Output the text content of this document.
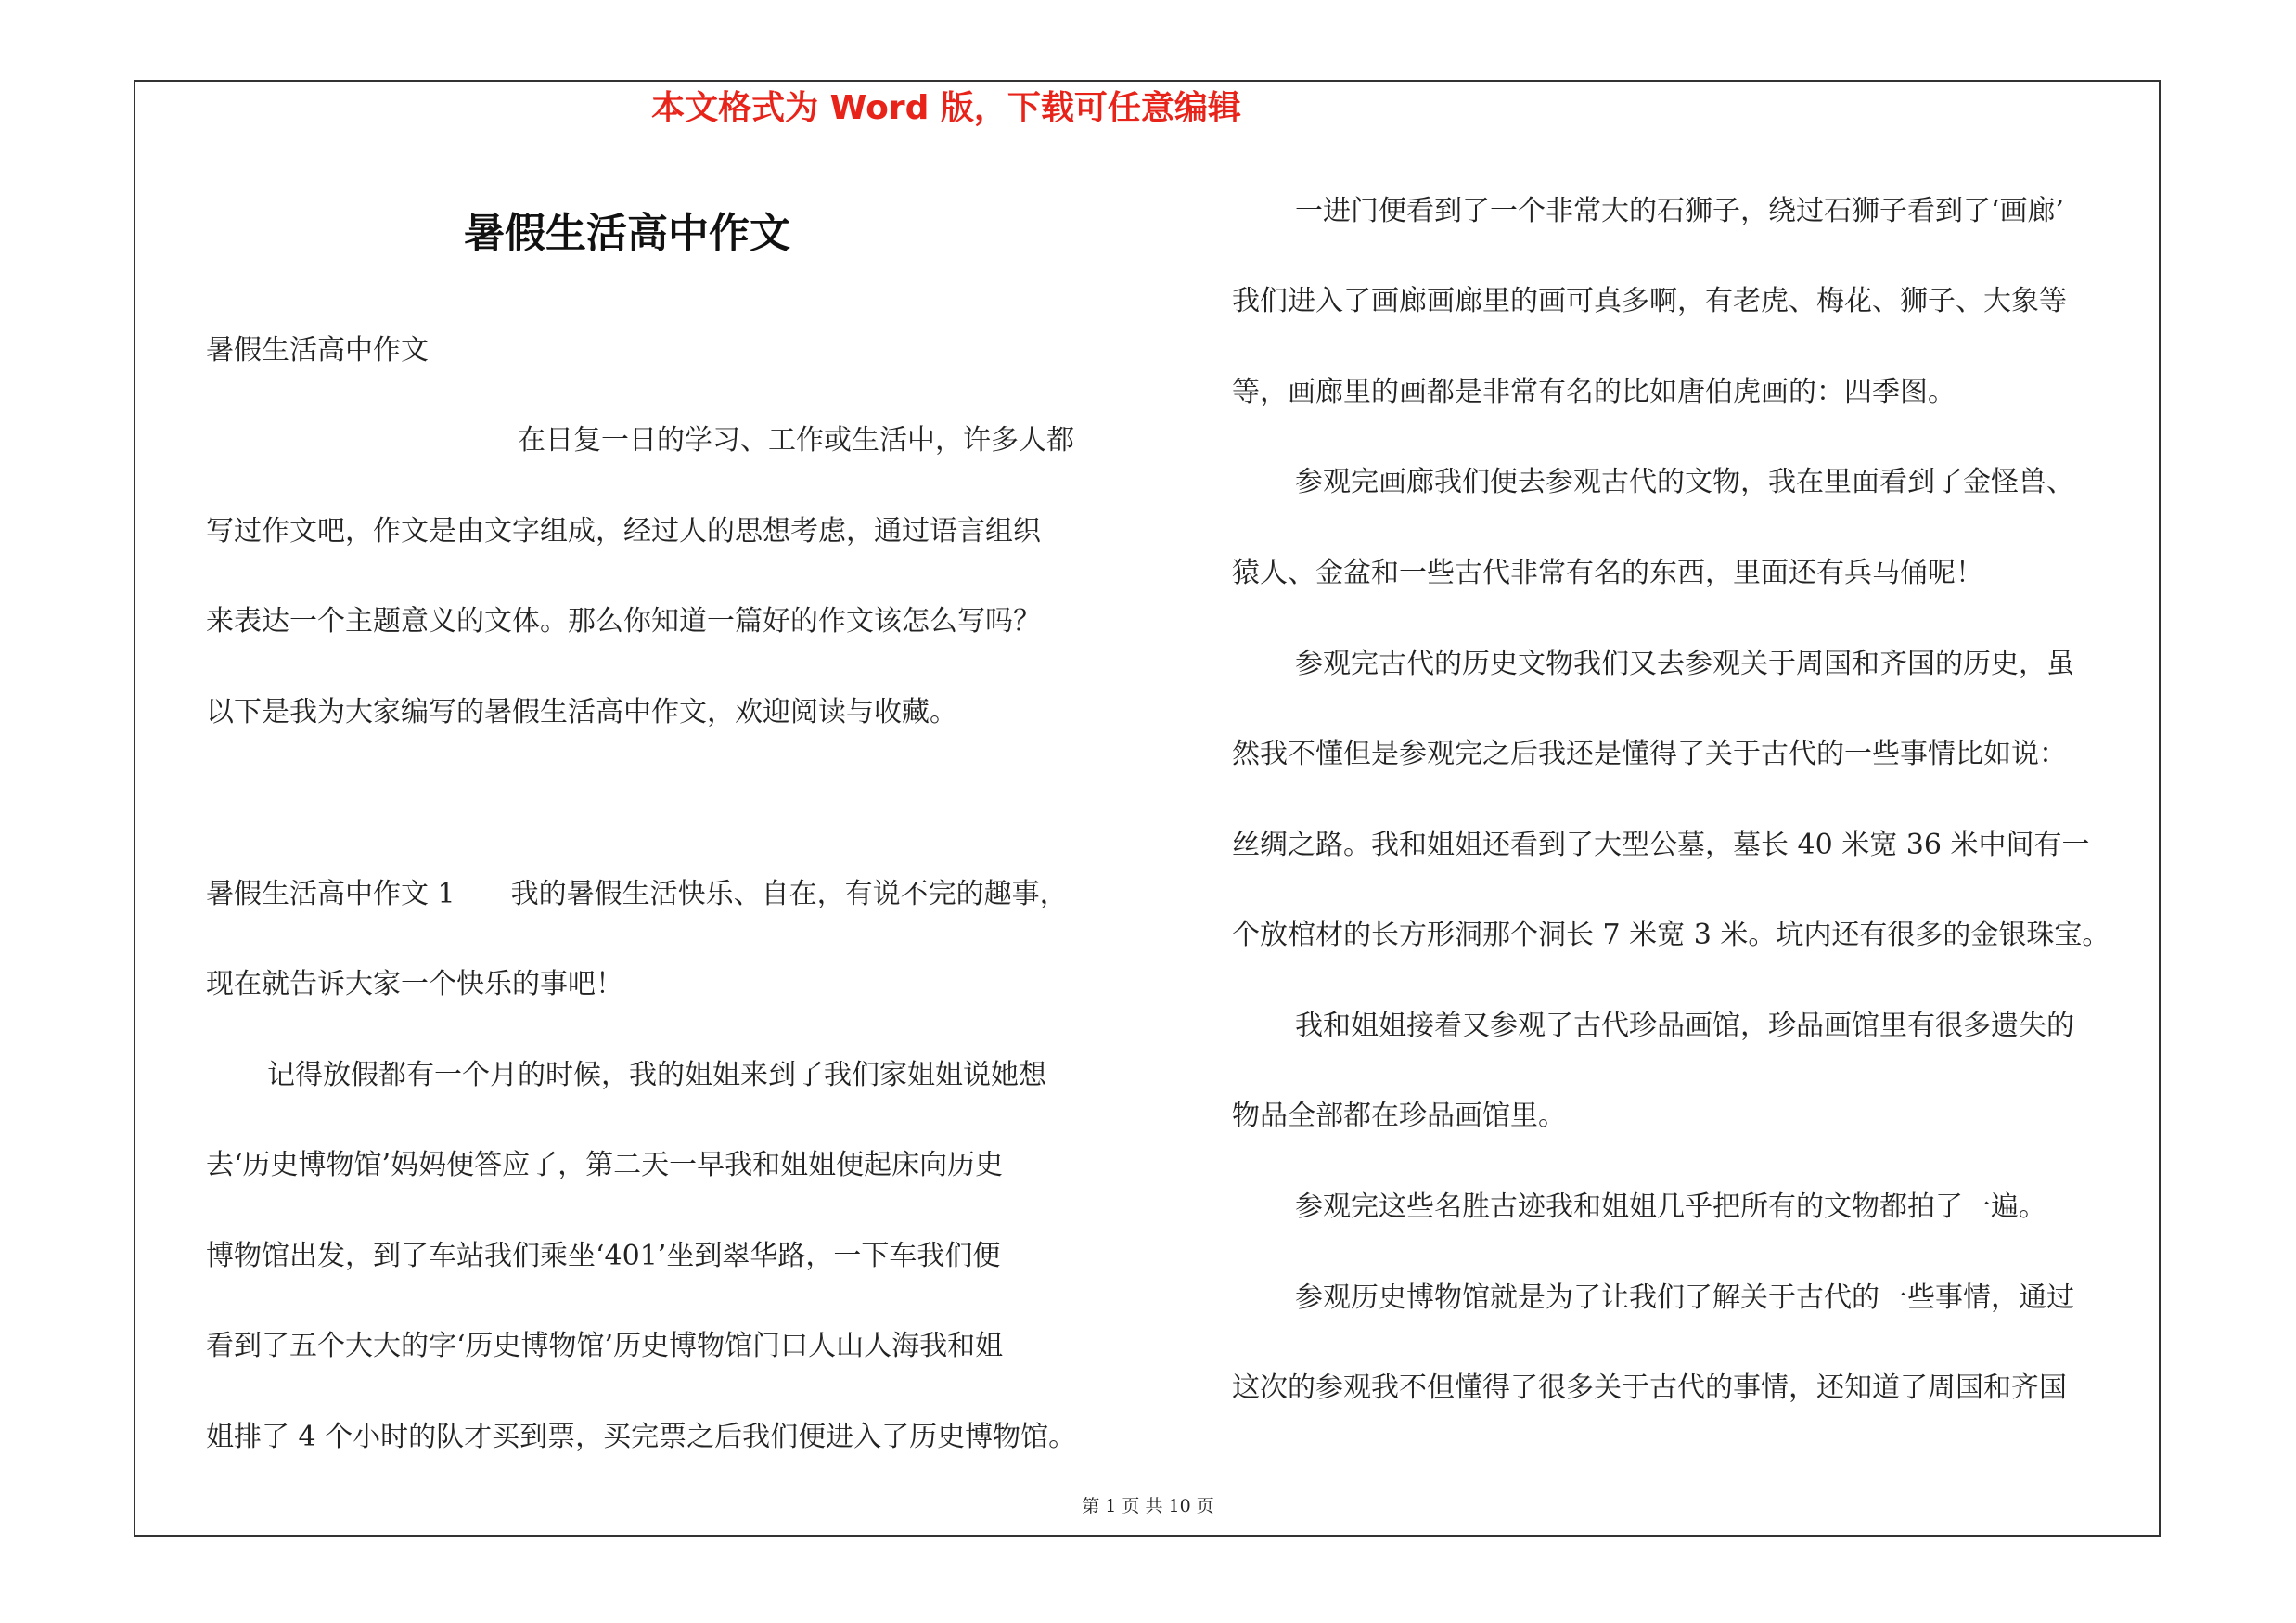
本文格式为 Word 版，下载可任意编辑
暑假生活高中作文
暑假生活高中作文
在日复一日的学习、工作或生活中，许多人都
写过作文吧，作文是由文字组成，经过人的思想考虑，通过语言组织
来表达一个主题意义的文体。那么你知道一篇好的作文该怎么写吗？
以下是我为大家编写的暑假生活高中作文，欢迎阅读与收藏。
暑假生活高中作文 1　　我的暑假生活快乐、自在，有说不完的趣事，
现在就告诉大家一个快乐的事吧！
记得放假都有一个月的时候，我的姐姐来到了我们家姐姐说她想
去‘历史博物馆’妈妈便答应了，第二天一早我和姐姐便起床向历史
博物馆出发，到了车站我们乘坐‘401’坐到翠华路，一下车我们便
看到了五个大大的字‘历史博物馆’历史博物馆门口人山人海我和姐
姐排了 4 个小时的队才买到票，买完票之后我们便进入了历史博物馆。
一进门便看到了一个非常大的石狮子，绕过石狮子看到了‘画廊’
我们进入了画廊画廊里的画可真多啊，有老虎、梅花、狮子、大象等
等，画廊里的画都是非常有名的比如唐伯虎画的：四季图。
参观完画廊我们便去参观古代的文物，我在里面看到了金怪兽、
猿人、金盆和一些古代非常有名的东西，里面还有兵马俑呢！
参观完古代的历史文物我们又去参观关于周国和齐国的历史，虽
然我不懂但是参观完之后我还是懂得了关于古代的一些事情比如说：
丝绸之路。我和姐姐还看到了大型公墓，墓长 40 米宽 36 米中间有一
个放棺材的长方形洞那个洞长 7 米宽 3 米。坑内还有很多的金银珠宝。
我和姐姐接着又参观了古代珍品画馆，珍品画馆里有很多遗失的
物品全部都在珍品画馆里。
参观完这些名胜古迹我和姐姐几乎把所有的文物都拍了一遍。
参观历史博物馆就是为了让我们了解关于古代的一些事情，通过
这次的参观我不但懂得了很多关于古代的事情，还知道了周国和齐国
第 1 页 共 10 页
